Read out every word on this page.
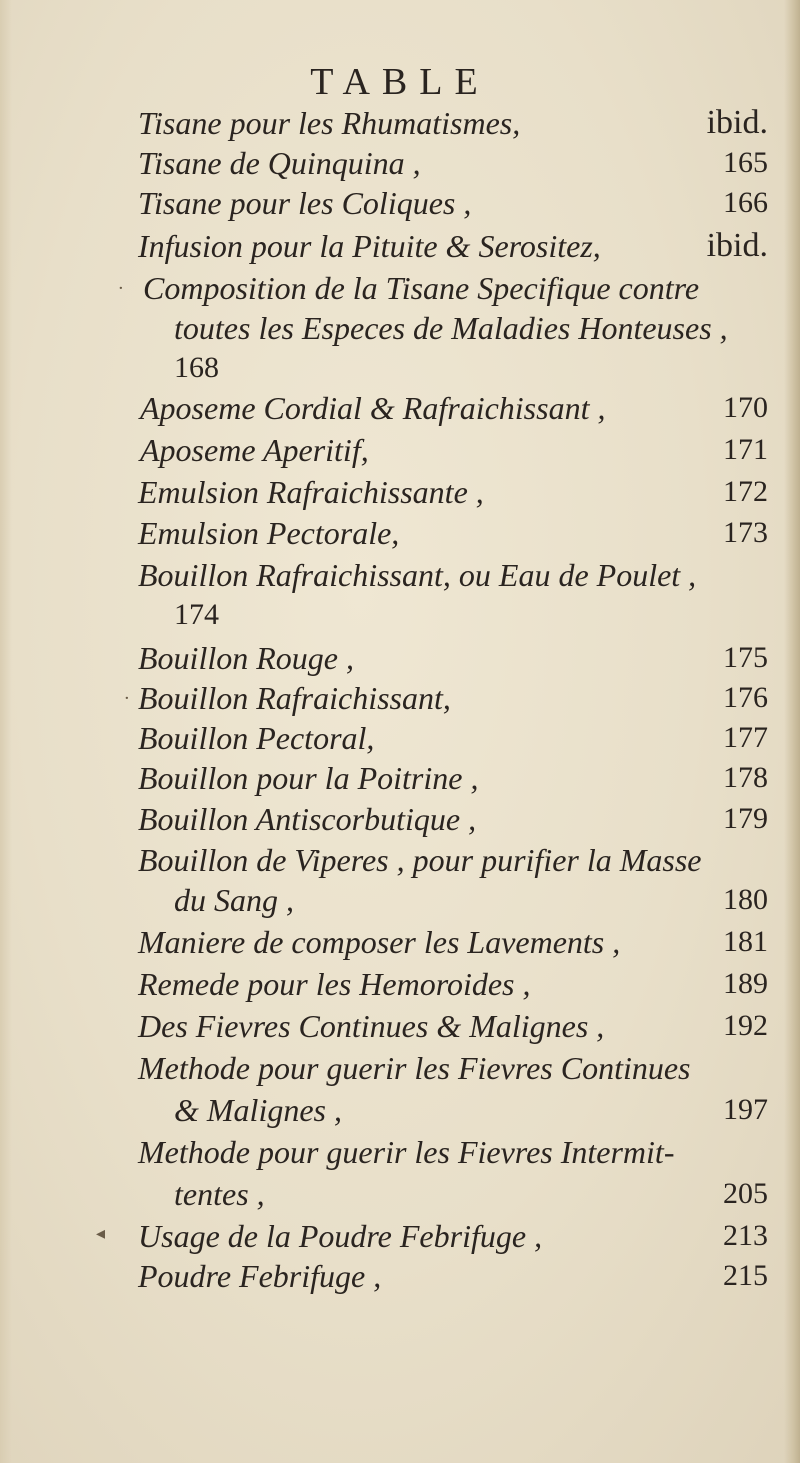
TABLE
Tisane pour les Rhumatismes,	ibid.
Tisane de Quinquina ,	165
Tisane pour les Coliques ,	166
Infusion pour la Pituite & Serositez,	ibid.
Composition de la Tisane Specifique contre
toutes les Especes de Maladies Honteuses ,
168
Aposeme Cordial & Rafraichissant ,	170
Aposeme Aperitif,	171
Emulsion Rafraichissante ,	172
Emulsion Pectorale,	173
Bouillon Rafraichissant, ou Eau de Poulet ,
174
Bouillon Rouge ,	175
Bouillon Rafraichissant,	176
Bouillon Pectoral,	177
Bouillon pour la Poitrine ,	178
Bouillon Antiscorbutique ,	179
Bouillon de Viperes , pour purifier la Masse
du Sang ,	180
Maniere de composer les Lavements ,	181
Remede pour les Hemoroides ,	189
Des Fievres Continues & Malignes ,	192
Methode pour guerir les Fievres Continues
& Malignes ,	197
Methode pour guerir les Fievres Intermit-
tentes ,	205
Usage de la Poudre Febrifuge ,	213
Poudre Febrifuge ,	215
·
·
◂
